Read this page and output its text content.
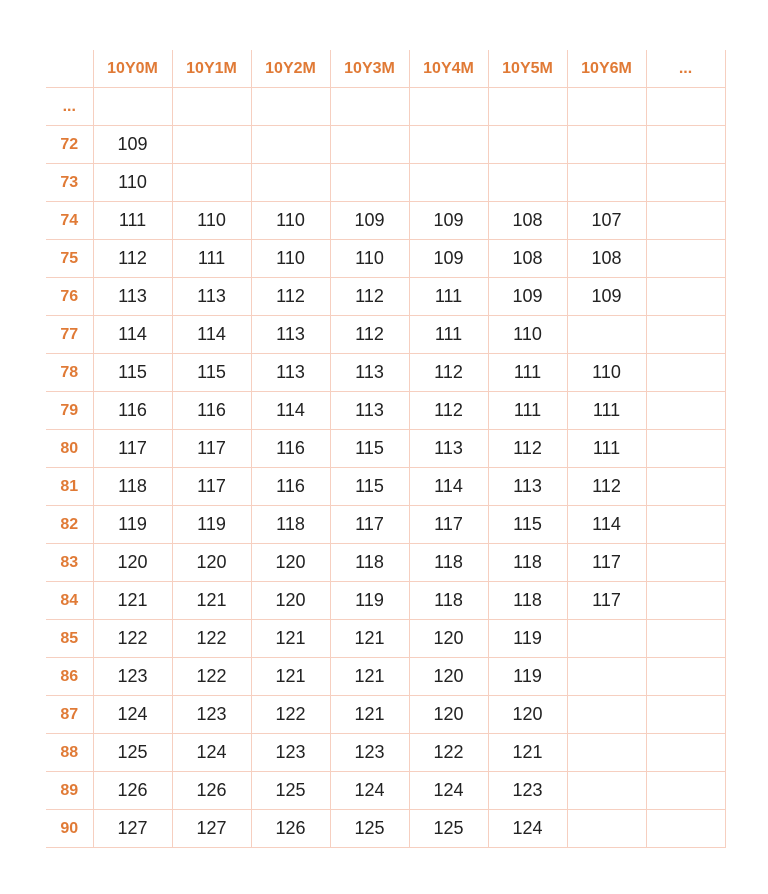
	10Y0M	10Y1M	10Y2M	10Y3M	10Y4M	10Y5M	10Y6M	...
...								
72	109							
73	110							
74	111	110	110	109	109	108	107	
75	112	111	110	110	109	108	108	
76	113	113	112	112	111	109	109	
77	114	114	113	112	111	110		
78	115	115	113	113	112	111	110	
79	116	116	114	113	112	111	111	
80	117	117	116	115	113	112	111	
81	118	117	116	115	114	113	112	
82	119	119	118	117	117	115	114	
83	120	120	120	118	118	118	117	
84	121	121	120	119	118	118	117	
85	122	122	121	121	120	119		
86	123	122	121	121	120	119		
87	124	123	122	121	120	120		
88	125	124	123	123	122	121		
89	126	126	125	124	124	123		
90	127	127	126	125	125	124		
